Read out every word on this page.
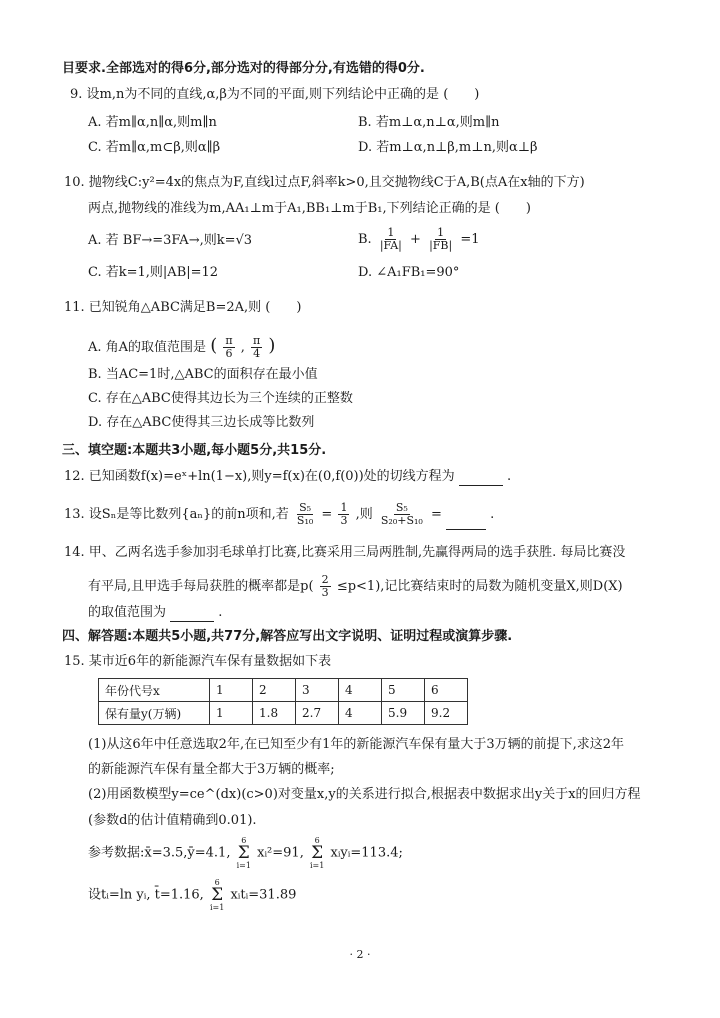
目要求.全部选对的得6分,部分选对的得部分分,有选错的得0分.
9. 设m,n为不同的直线,α,β为不同的平面,则下列结论中正确的是 (　　)
A. 若m∥α,n∥α,则m∥n	B. 若m⊥α,n⊥α,则m∥n
C. 若m∥α,m⊂β,则α∥β	D. 若m⊥α,n⊥β,m⊥n,则α⊥β
10. 抛物线C:y²=4x的焦点为F,直线l过点F,斜率k>0,且交抛物线C于A,B(点A在x轴的下方)
两点,抛物线的准线为m,AA₁⊥m于A₁,BB₁⊥m于B₁,下列结论正确的是 (　　)
A. 若 BF→=3FA→,则k=√3	B. $\frac{1}{|FA|} + \frac{1}{|FB|} =1$
C. 若k=1,则|AB|=12	D. ∠A₁FB₁=90°
11. 已知锐角△ABC满足B=2A,则 (　　)
A. 角A的取值范围是 ( $\frac{\pi}{6}$ , $\frac{\pi}{4}$ )
B. 当AC=1时,△ABC的面积存在最小值
C. 存在△ABC使得其边长为三个连续的正整数
D. 存在△ABC使得其三边长成等比数列
三、填空题:本题共3小题,每小题5分,共15分.
12. 已知函数f(x)=eˣ+ln(1−x),则y=f(x)在(0,f(0))处的切线方程为	.
13. 设Sₙ是等比数列{aₙ}的前n项和,若 $\frac{\text{S₅}}{\text{S₁₀}} = \frac{1}{3}$ ,则 $\frac{\text{S₅}}{\text{S₂₀+S₁₀}}$ =	.
14. 甲、乙两名选手参加羽毛球单打比赛,比赛采用三局两胜制,先赢得两局的选手获胜. 每局比赛没
有平局,且甲选手每局获胜的概率都是$p( \frac{2}{3} \le p<1)$,记比赛结束时的局数为随机变量X,则D(X)
的取值范围为	.
四、解答题:本题共5小题,共77分,解答应写出文字说明、证明过程或演算步骤.
15. 某市近6年的新能源汽车保有量数据如下表
年份代号x	1	2	3	4	5	6
保有量y(万辆)	1	1.8	2.7	4	5.9	9.2
(1)从这6年中任意选取2年,在已知至少有1年的新能源汽车保有量大于3万辆的前提下,求这2年
的新能源汽车保有量全都大于3万辆的概率;
(2)用函数模型y=ce^(dx)(c>0)对变量x,y的关系进行拟合,根据表中数据求出y关于x的回归方程
(参数d的估计值精确到0.01).
参考数据:x̄=3.5,ȳ=4.1,
6
Σ
i=1
xᵢ²=91,
6
Σ
i=1
xᵢyᵢ=113.4;
设tᵢ=ln yᵢ, t̄=1.16,
6
Σ
i=1
xᵢtᵢ=31.89
· 2 ·
